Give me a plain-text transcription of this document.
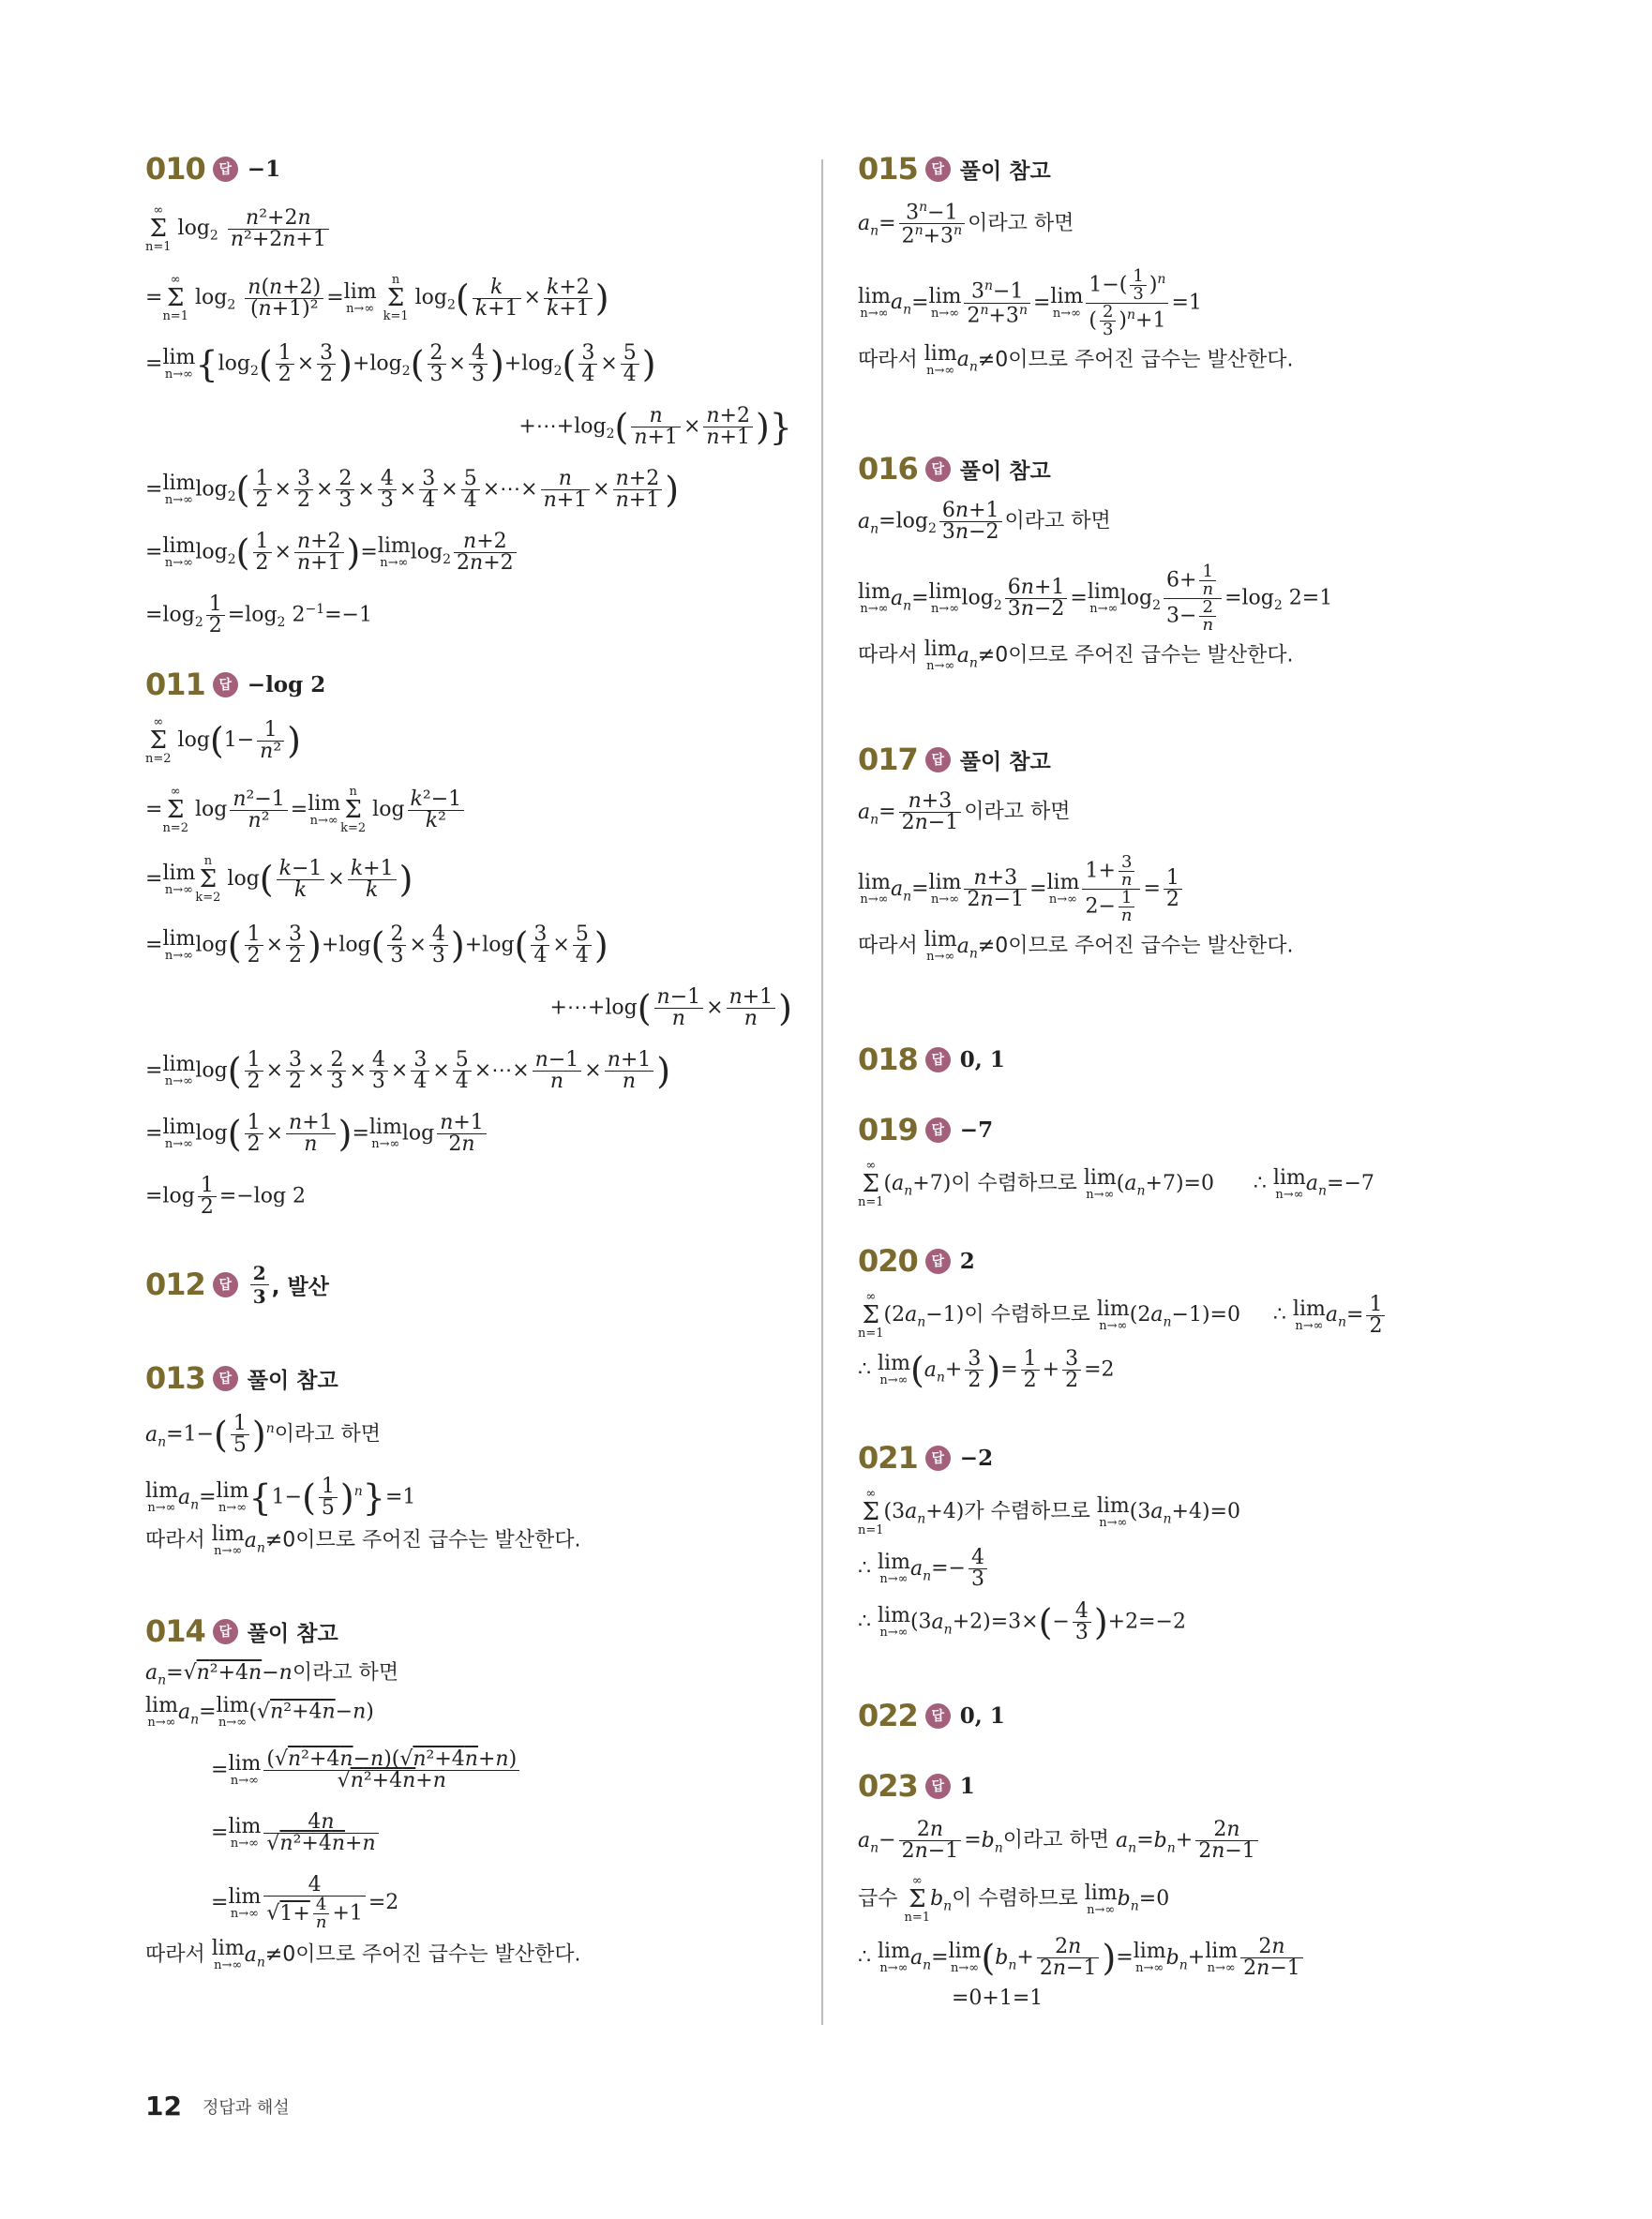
010	답 −1
∞
Σ
n=1
$\log_2 \frac{\text{n²+2n}}{\text{n²+2n+1}}$
=
∞
Σ
n=1
$\log_2 \frac{n(n+2)}{\text{(n+1)²}} = \lim$
n→∞

n
Σ
k=1
$\log_2( \frac{k}{k+1} \times \frac{k+2}{k+1}$ )
= lim
n→∞ {$\log_2( \frac{1}{2} \times \frac{3}{2} )+\log_2( \frac{2}{3} \times \frac{4}{3} )+\log_2( \frac{3}{4} \times \frac{5}{4}$ )
$+\cdots+\log_2( \frac{n}{n+1} \times \frac{n+2}{n+1}$ )}
= lim
n→∞ $\log_2( \frac{1}{2} \times \frac{3}{2} \times \frac{2}{3} \times \frac{4}{3} \times \frac{3}{4} \times \frac{5}{4}$ ×⋯× $\frac{n}{n+1} \times \frac{n+2}{n+1}$ )
= lim
n→∞ $\log_2( \frac{1}{2} \times \frac{n+2}{n+1}$ )= lim
n→∞ $\log_2 \frac{n+2}{2n+2}$
$=\log_2 \frac{1}{2} =\log_2$ $2^{-1}=-1$
011	답 −log 2
∞
Σ
n=2
$\log(1- \frac{1}{\text{n²}}$ )
=
∞
Σ
n=2
$\log \frac{\text{n²−1}}{\text{n²}} = \lim$
n→∞
n
Σ
k=2
$\log \frac{\text{k²−1}}{\text{k²}}$
= lim
n→∞
n
Σ
k=2
$\log( \frac{k-1}{k} \times \frac{k+1}{k}$ )
= lim
n→∞ $\log( \frac{1}{2} \times \frac{3}{2} )+\log( \frac{2}{3} \times \frac{4}{3} )+\log( \frac{3}{4} \times \frac{5}{4}$ )
+⋯+log( $\frac{n-1}{n} \times \frac{n+1}{n}$ )
= lim
n→∞ $\log( \frac{1}{2} \times \frac{3}{2} \times \frac{2}{3} \times \frac{4}{3} \times \frac{3}{4} \times \frac{5}{4}$ ×⋯× $\frac{n-1}{n} \times \frac{n+1}{n}$ )
= lim
n→∞ $\log( \frac{1}{2} \times \frac{n+1}{n}$ )= lim
n→∞ $\log \frac{n+1}{2n}$
$=\log \frac{1}{2} =-\log$ 2
012	답 $\frac{2}{3}$ , 발산
013	답 풀이 참고
$a_n=1-( \frac{1}{5} )^n$이라고 하면
lim
n→∞ $a_n= \lim$
n→∞ $\{1-( \frac{1}{5} )^n\}=1$
따라서 lim
n→∞ $a_n\ne 0$이므로 주어진 급수는 발산한다.
014	답 풀이 참고
$a_n=√n^2+4n-n$이라고 하면
lim
n→∞ $a_n= \lim$
n→∞ (√n²+4n−n)
= lim
$n\to\infty \frac{\text{(√n²+4n−n)(√n²+4n+n)}}{\text{√n²+4n+n}}$
= lim
$n\to\infty \frac{4n}{\text{√n²+4n+n}}$
= lim
$n\to\infty \frac{4}{√1+ \frac{4}{n} +1} =2$
따라서 lim
n→∞ $a_n\ne 0$이므로 주어진 급수는 발산한다.
015	답 풀이 참고
$a_n= \frac{3^n-1}{2^n+3^n}$ 이라고 하면
lim
n→∞ $a_n= \lim$
$n\to\infty \frac{3^n-1}{2^n+3^n} = \lim$
$n\to\infty \frac{1-( \frac{1}{3} )^n}{( \frac{2}{3} )^n+1} =1$
따라서 lim
n→∞ $a_n\ne 0$이므로 주어진 급수는 발산한다.
016	답 풀이 참고
$a_n=\log_2 \frac{6n+1}{3n-2}$ 이라고 하면
lim
n→∞ $a_n= \lim$
n→∞ $\log_2 \frac{6n+1}{3n-2} = \lim$
n→∞ $\log_2 \frac{6+ \frac{1}{n}}{3- \frac{2}{n}} =\log_2$ 2=1
따라서 lim
n→∞ $a_n\ne 0$이므로 주어진 급수는 발산한다.
017	답 풀이 참고
$a_n= \frac{n+3}{2n-1}$ 이라고 하면
lim
n→∞ $a_n= \lim$
$n\to\infty \frac{n+3}{2n-1} = \lim$
$n\to\infty \frac{1+ \frac{3}{n}}{2- \frac{1}{n}} = \frac{1}{2}$
따라서 lim
n→∞ $a_n\ne 0$이므로 주어진 급수는 발산한다.
018	답 0, 1
019	답 −7
∞
Σ
n=1
$(a_n+7)$이 수렴하므로 lim
n→∞ $(a_n+7)=0$      ∴ lim
n→∞ $a_n=-7$
020	답 2
∞
Σ
n=1
$(2a_n-1)$이 수렴하므로 lim
n→∞ $(2a_n-1)=0$     ∴ lim
n→∞ $a_n= \frac{1}{2}$
∴ lim
n→∞ ($a_n+ \frac{3}{2}$ )= $\frac{1}{2} + \frac{3}{2} =2$
021	답 −2
∞
Σ
n=1
$(3a_n+4)$가 수렴하므로 lim
n→∞ $(3a_n+4)=0$
∴ lim
n→∞ $a_n=- \frac{4}{3}$
∴ lim
n→∞ $(3a_n+2)=3\times(- \frac{4}{3} )+2=-2$
022	답 0, 1
023	답 1
$a_n- \frac{2n}{2n-1} =b_n$이라고 하면 $a_n=b_n+ \frac{2n}{2n-1}$
급수
∞
Σ
n=1
$b_n$이 수렴하므로 lim
n→∞ $b_n=0$
∴ lim
n→∞ $a_n= \lim$
n→∞ ($b_n+ \frac{2n}{2n-1}$ )= lim
n→∞ $b_n+ \lim$
$n\to\infty \frac{2n}{2n-1}$
=0+1=1
12 정답과 해설
